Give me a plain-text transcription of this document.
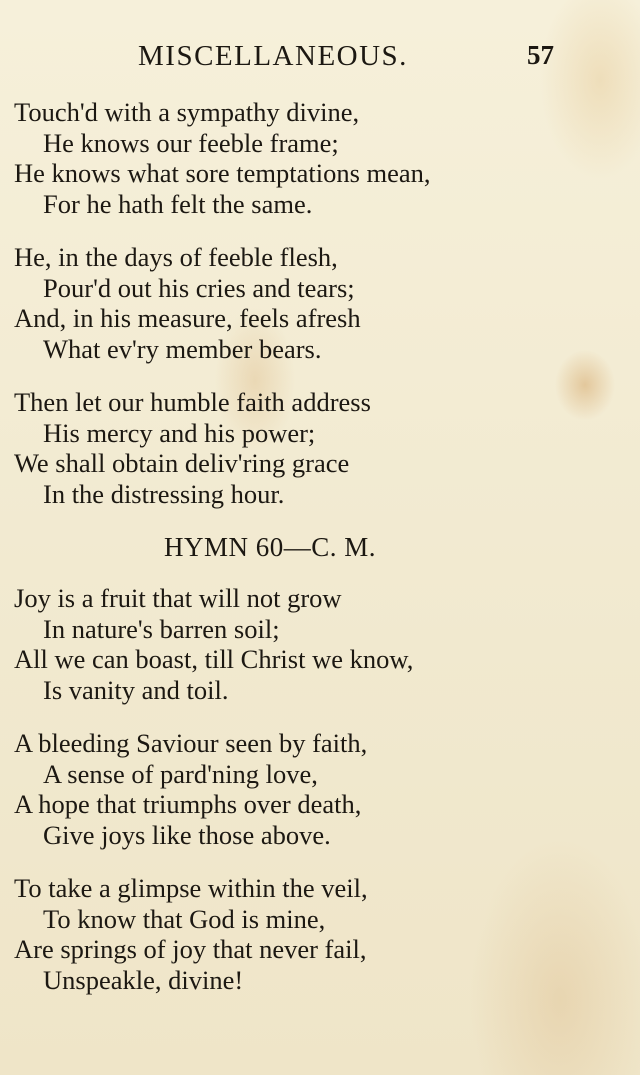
MISCELLANEOUS.	57
Touch'd with a sympathy divine,
He knows our feeble frame;
He knows what sore temptations mean,
For he hath felt the same.
He, in the days of feeble flesh,
Pour'd out his cries and tears;
And, in his measure, feels afresh
What ev'ry member bears.
Then let our humble faith address
His mercy and his power;
We shall obtain deliv'ring grace
In the distressing hour.
HYMN 60—C. M.
Joy is a fruit that will not grow
In nature's barren soil;
All we can boast, till Christ we know,
Is vanity and toil.
A bleeding Saviour seen by faith,
A sense of pard'ning love,
A hope that triumphs over death,
Give joys like those above.
To take a glimpse within the veil,
To know that God is mine,
Are springs of joy that never fail,
Unspeakle, divine!
